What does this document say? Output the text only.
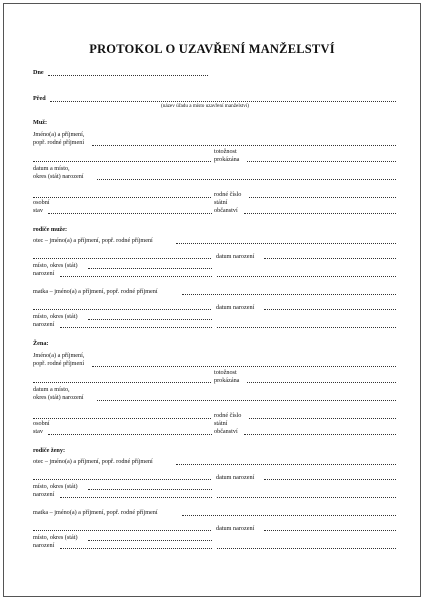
PROTOKOL O UZAVŘENÍ MANŽELSTVÍ
Dne
Před
(název úřadu a místo uzavření manželství)
Muž:
Jméno(a) a příjmení,
popř. rodné příjmení
totožnost
prokázána
datum a místo,
okres (stát) narození
rodné číslo
osobní
stav
státní
občanství
rodiče muže:
otec – jméno(a) a příjmení, popř. rodné příjmení
datum narození
místo, okres (stát)
narození
matka – jméno(a) a příjmení, popř. rodné příjmení
datum narození
místo, okres (stát)
narození
Žena:
Jméno(a) a příjmení,
popř. rodné příjmení
totožnost
prokázána
datum a místo,
okres (stát) narození
rodné číslo
osobní
stav
státní
občanství
rodiče ženy:
otec – jméno(a) a příjmení, popř. rodné příjmení
datum narození
místo, okres (stát)
narození
matka – jméno(a) a příjmení, popř. rodné příjmení
datum narození
místo, okres (stát)
narození
